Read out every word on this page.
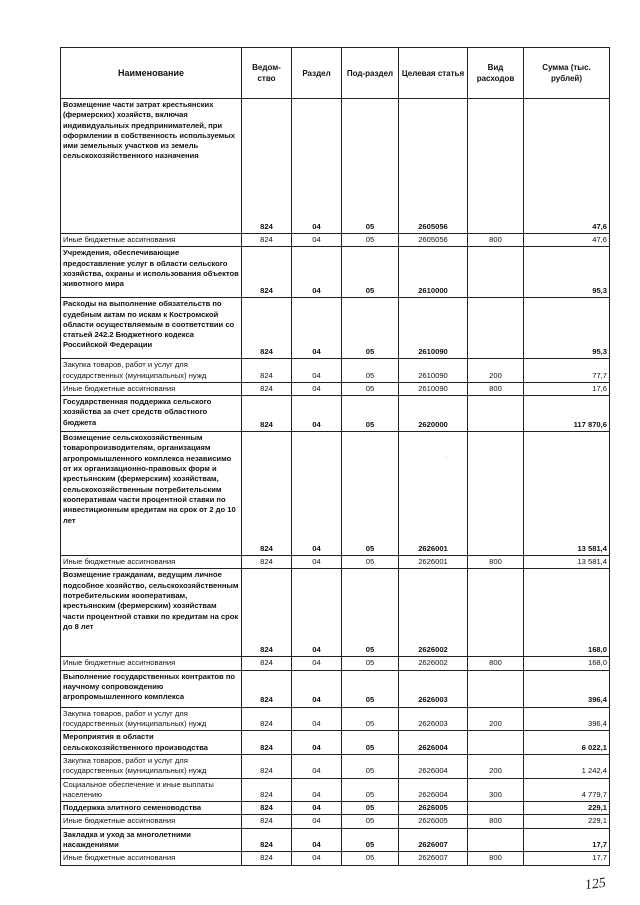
Наименование	Ведом-ство	Раздел	Под-раздел	Целевая статья	Вид расходов	Сумма (тыс. рублей)
Возмещение части затрат крестьянских (фермерских) хозяйств, включая индивидуальных предпринимателей, при оформлении в собственность используемых ими земельных участков из земель сельскохозяйственного назначения	824	04	05	2605056		47,6
Иные бюджетные ассигнования	824	04	05	2605056	800	47,6
Учреждения, обеспечивающие предоставление услуг в области сельского хозяйства, охраны и использования объектов животного мира	824	04	05	2610000		95,3
Расходы на выполнение обязательств по судебным актам по искам к Костромской области осуществляемым в соответствии со статьей 242.2 Бюджетного кодекса Российской Федерации	824	04	05	2610090		95,3
Закупка товаров, работ и услуг для государственных (муниципальных) нужд	824	04	05	2610090	200	77,7
Иные бюджетные ассигнования	824	04	05	2610090	800	17,6
Государственная поддержка сельского хозяйства за счет средств областного бюджета	824	04	05	2620000		117 870,6
Возмещение сельскохозяйственным товаропроизводителям, организациям агропромышленного комплекса независимо от их организационно-правовых форм и крестьянским (фермерским) хозяйствам, сельскохозяйственным потребительским кооперативам части процентной ставки по инвестиционным кредитам на срок от 2 до 10 лет	824	04	05	2626001		13 581,4
Иные бюджетные ассигнования	824	04	05	2626001	800	13 581,4
Возмещение гражданам, ведущим личное подсобное хозяйство, сельскохозяйственным потребительским кооперативам, крестьянским (фермерским) хозяйствам части процентной ставки по кредитам на срок до 8 лет	824	04	05	2626002		168,0
Иные бюджетные ассигнования	824	04	05	2626002	800	168,0
Выполнение государственных контрактов по научному сопровождению агропромышленного комплекса	824	04	05	2626003		396,4
Закупка товаров, работ и услуг для государственных (муниципальных) нужд	824	04	05	2626003	200	396,4
Мероприятия в области сельскохозяйственного производства	824	04	05	2626004		6 022,1
Закупка товаров, работ и услуг для государственных (муниципальных) нужд	824	04	05	2626004	200	1 242,4
Социальное обеспечение и иные выплаты населению	824	04	05	2626004	300	4 779,7
Поддержка элитного семеноводства	824	04	05	2626005		229,1
Иные бюджетные ассигнования	824	04	05	2626005	800	229,1
Закладка и уход за многолетними насаждениями	824	04	05	2626007		17,7
Иные бюджетные ассигнования	824	04	05	2626007	800	17,7
·
125
